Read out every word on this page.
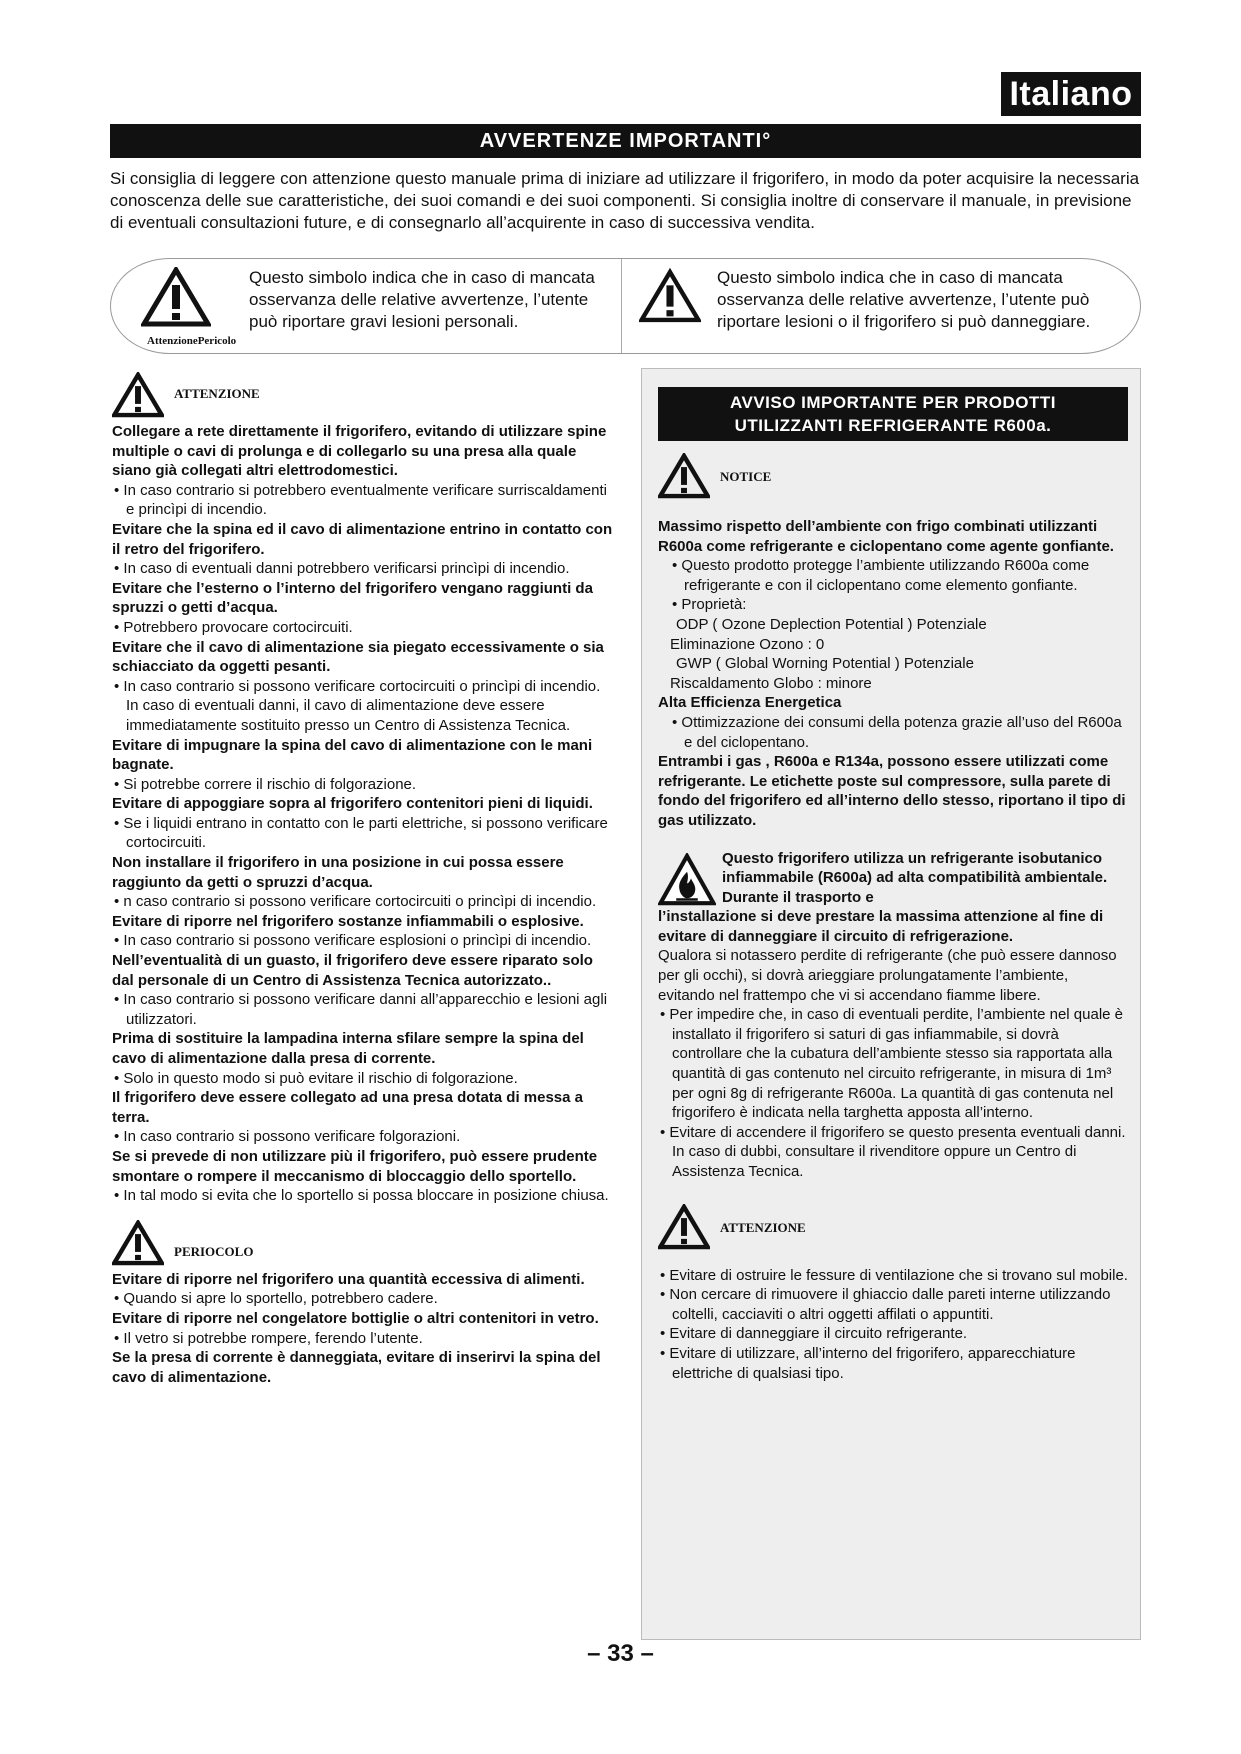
Italiano
AVVERTENZE IMPORTANTI°

Si consiglia di leggere con attenzione questo manuale prima di iniziare ad utilizzare il frigorifero, in modo da poter acquisire la necessaria conoscenza delle sue caratteristiche, dei suoi comandi e dei suoi componenti. Si consiglia inoltre di conservare il manuale, in previsione di eventuali consultazioni future, e di consegnarlo all’acquirente in caso di successiva vendita.

Questo simbolo indica che in caso di mancata osservanza delle relative avvertenze, l’utente può riportare gravi lesioni personali.
AttenzionePericolo
Questo simbolo indica che in caso di mancata osservanza delle relative avvertenze, l’utente può riportare lesioni o il frigorifero si può danneggiare.
ATTENZIONE

Collegare a rete direttamente il frigorifero, evitando di utilizzare spine multiple o cavi di prolunga e di collegarlo su una presa alla quale siano già collegati altri elettrodomestici.

• In caso contrario si potrebbero eventualmente verificare surriscaldamenti e princìpi di incendio.

Evitare che la spina ed il cavo di alimentazione entrino in contatto con il retro del frigorifero.

• In caso di eventuali danni potrebbero verificarsi princìpi di incendio.

Evitare che l’esterno o l’interno del frigorifero vengano raggiunti da spruzzi o getti d’acqua.

• Potrebbero provocare cortocircuiti.

Evitare che il cavo di alimentazione sia piegato eccessivamente o sia schiacciato da oggetti pesanti.

• In caso contrario si possono verificare cortocircuiti o princìpi di incendio. In caso di eventuali danni, il cavo di alimentazione deve essere immediatamente sostituito presso un Centro di Assistenza Tecnica.

Evitare di impugnare la spina del cavo di alimentazione con le mani bagnate.

• Si potrebbe correre il rischio di folgorazione.

Evitare di appoggiare sopra al frigorifero contenitori pieni di liquidi.

• Se i liquidi entrano in contatto con le parti elettriche, si possono verificare cortocircuiti.

Non installare il frigorifero in una posizione in cui possa essere raggiunto da getti o spruzzi d’acqua.

• n caso contrario si possono verificare cortocircuiti o princìpi di incendio.

Evitare di riporre nel frigorifero sostanze infiammabili o esplosive.

• In caso contrario si possono verificare esplosioni o princìpi di incendio.

Nell’eventualità di un guasto, il frigorifero deve essere riparato solo dal personale di un Centro di Assistenza Tecnica autorizzato..

• In caso contrario si possono verificare danni all’apparecchio e lesioni agli utilizzatori.

Prima di sostituire la lampadina interna sfilare sempre la spina del cavo di alimentazione dalla presa di corrente.

• Solo in questo modo si può evitare il rischio di folgorazione.

Il frigorifero deve essere collegato ad una presa dotata di messa a terra.

• In caso contrario si possono verificare folgorazioni.

Se si prevede di non utilizzare più il frigorifero, può essere prudente smontare o rompere il meccanismo di bloccaggio dello sportello.

• In tal modo si evita che lo sportello si possa bloccare in posizione chiusa.

PERIOCOLO

Evitare di riporre nel frigorifero una quantità eccessiva di alimenti.

• Quando si apre lo sportello, potrebbero cadere.

Evitare di riporre nel congelatore bottiglie o altri contenitori in vetro.

• Il vetro si potrebbe rompere, ferendo l’utente.

Se la presa di corrente è danneggiata, evitare di inserirvi la spina del cavo di alimentazione.

AVVISO IMPORTANTE PER PRODOTTI
UTILIZZANTI REFRIGERANTE R600a.
NOTICE

Massimo rispetto dell’ambiente con frigo combinati utilizzanti R600a come refrigerante e ciclopentano come agente gonfiante.

• Questo prodotto protegge l’ambiente utilizzando R600a come refrigerante e con il ciclopentano come elemento gonfiante.

• Proprietà:

ODP ( Ozone Deplection Potential ) Potenziale

Eliminazione Ozono : 0

GWP ( Global Worning Potential ) Potenziale

Riscaldamento Globo : minore

Alta Efficienza Energetica

• Ottimizzazione dei consumi della potenza grazie all’uso del R600a e del ciclopentano.

Entrambi i gas , R600a e R134a, possono essere utilizzati come refrigerante. Le etichette poste sul compressore, sulla parete di fondo del frigorifero ed all’interno dello stesso, riportano il tipo di gas utilizzato.

Questo frigorifero utilizza un refrigerante isobutanico infiammabile (R600a) ad alta compatibilità ambientale. Durante il trasporto e

l’installazione si deve prestare la massima attenzione al fine di evitare di danneggiare il circuito di refrigerazione.

Qualora si notassero perdite di refrigerante (che può essere dannoso per gli occhi), si dovrà arieggiare prolungatamente l’ambiente, evitando nel frattempo che vi si accendano fiamme libere.

• Per impedire che, in caso di eventuali perdite, l’ambiente nel quale è installato il frigorifero si saturi di gas infiammabile, si dovrà controllare che la cubatura dell’ambiente stesso sia rapportata alla quantità di gas contenuto nel circuito refrigerante, in misura di 1m³ per ogni 8g di refrigerante R600a. La quantità di gas contenuta nel frigorifero è indicata nella targhetta apposta all’interno.

• Evitare di accendere il frigorifero se questo presenta eventuali danni. In caso di dubbi, consultare il rivenditore oppure un Centro di Assistenza Tecnica.

ATTENZIONE

• Evitare di ostruire le fessure di ventilazione che si trovano sul mobile.

• Non cercare di rimuovere il ghiaccio dalle pareti interne utilizzando coltelli, cacciaviti o altri oggetti affilati o appuntiti.

• Evitare di danneggiare il circuito refrigerante.

• Evitare di utilizzare, all’interno del frigorifero, apparecchiature elettriche di qualsiasi tipo.

– 33 –
